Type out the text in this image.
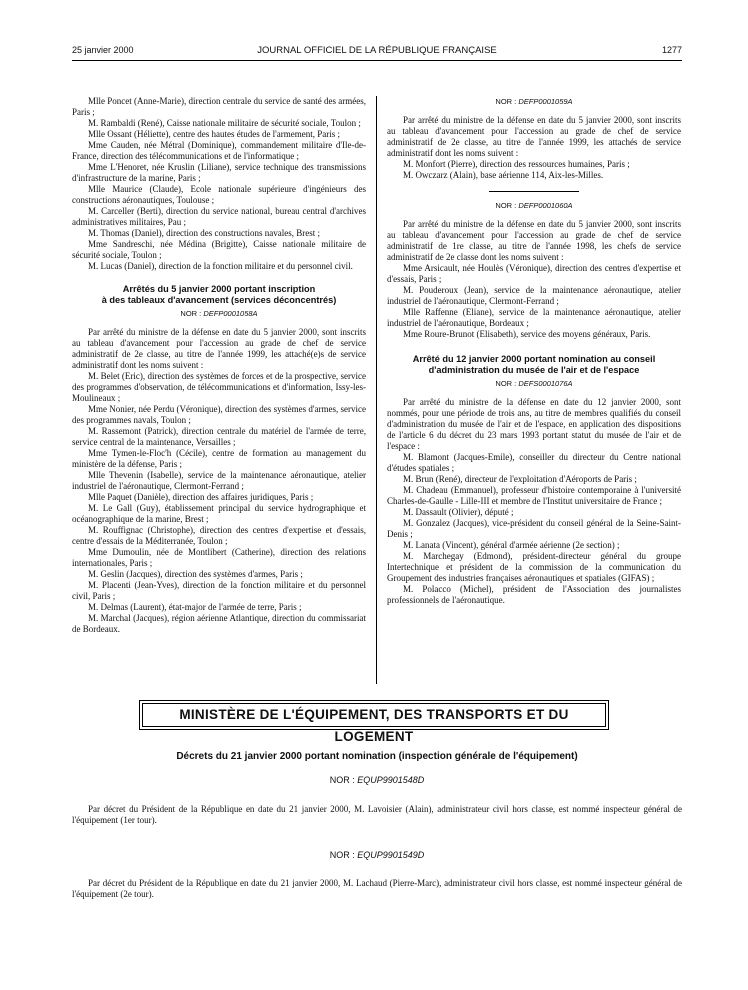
25 janvier 2000	JOURNAL OFFICIEL DE LA RÉPUBLIQUE FRANÇAISE	1277

Mlle Poncet (Anne-Marie), direction centrale du service de santé des armées, Paris ;

M. Rambaldi (René), Caisse nationale militaire de sécurité sociale, Toulon ;

Mlle Ossant (Héliette), centre des hautes études de l'armement, Paris ;

Mme Cauden, née Métral (Dominique), commandement militaire d'Ile-de-France, direction des télécommunications et de l'informatique ;

Mme L'Henoret, née Kruslin (Liliane), service technique des transmissions d'infrastructure de la marine, Paris ;

Mlle Maurice (Claude), Ecole nationale supérieure d'ingénieurs des constructions aéronautiques, Toulouse ;

M. Carceller (Berti), direction du service national, bureau central d'archives administratives militaires, Pau ;

M. Thomas (Daniel), direction des constructions navales, Brest ;

Mme Sandreschi, née Médina (Brigitte), Caisse nationale militaire de sécurité sociale, Toulon ;

M. Lucas (Daniel), direction de la fonction militaire et du personnel civil.

Arrêtés du 5 janvier 2000 portant inscription

à des tableaux d'avancement (services déconcentrés)

NOR : DEFP0001058A

Par arrêté du ministre de la défense en date du 5 janvier 2000, sont inscrits au tableau d'avancement pour l'accession au grade de chef de service administratif de 2e classe, au titre de l'année 1999, les attaché(e)s de service administratif dont les noms suivent :

M. Belet (Eric), direction des systèmes de forces et de la prospective, service des programmes d'observation, de télécommunications et d'information, Issy-les-Moulineaux ;

Mme Nonier, née Perdu (Véronique), direction des systèmes d'armes, service des programmes navals, Toulon ;

M. Rassemont (Patrick), direction centrale du matériel de l'armée de terre, service central de la maintenance, Versailles ;

Mme Tymen-le-Floc'h (Cécile), centre de formation au management du ministère de la défense, Paris ;

Mlle Thevenin (Isabelle), service de la maintenance aéronautique, atelier industriel de l'aéronautique, Clermont-Ferrand ;

Mlle Paquet (Danièle), direction des affaires juridiques, Paris ;

M. Le Gall (Guy), établissement principal du service hydrographique et océanographique de la marine, Brest ;

M. Rouffignac (Christophe), direction des centres d'expertise et d'essais, centre d'essais de la Méditerranée, Toulon ;

Mme Dumoulin, née de Montlibert (Catherine), direction des relations internationales, Paris ;

M. Geslin (Jacques), direction des systèmes d'armes, Paris ;

M. Placenti (Jean-Yves), direction de la fonction militaire et du personnel civil, Paris ;

M. Delmas (Laurent), état-major de l'armée de terre, Paris ;

M. Marchal (Jacques), région aérienne Atlantique, direction du commissariat de Bordeaux.

NOR : DEFP0001059A

Par arrêté du ministre de la défense en date du 5 janvier 2000, sont inscrits au tableau d'avancement pour l'accession au grade de chef de service administratif de 2e classe, au titre de l'année 1999, les attachés de service administratif dont les noms suivent :

M. Monfort (Pierre), direction des ressources humaines, Paris ;

M. Owczarz (Alain), base aérienne 114, Aix-les-Milles.

NOR : DEFP0001060A

Par arrêté du ministre de la défense en date du 5 janvier 2000, sont inscrits au tableau d'avancement pour l'accession au grade de chef de service administratif de 1re classe, au titre de l'année 1998, les chefs de service administratif de 2e classe dont les noms suivent :

Mme Arsicault, née Houlès (Véronique), direction des centres d'expertise et d'essais, Paris ;

M. Pouderoux (Jean), service de la maintenance aéronautique, atelier industriel de l'aéronautique, Clermont-Ferrand ;

Mlle Raffenne (Eliane), service de la maintenance aéronautique, atelier industriel de l'aéronautique, Bordeaux ;

Mme Roure-Brunot (Elisabeth), service des moyens généraux, Paris.

Arrêté du 12 janvier 2000 portant nomination au conseil

d'administration du musée de l'air et de l'espace

NOR : DEFS0001076A

Par arrêté du ministre de la défense en date du 12 janvier 2000, sont nommés, pour une période de trois ans, au titre de membres qualifiés du conseil d'administration du musée de l'air et de l'espace, en application des dispositions de l'article 6 du décret du 23 mars 1993 portant statut du musée de l'air et de l'espace :

M. Blamont (Jacques-Emile), conseiller du directeur du Centre national d'études spatiales ;

M. Brun (René), directeur de l'exploitation d'Aéroports de Paris ;

M. Chadeau (Emmanuel), professeur d'histoire contemporaine à l'université Charles-de-Gaulle - Lille-III et membre de l'Institut universitaire de France ;

M. Dassault (Olivier), député ;

M. Gonzalez (Jacques), vice-président du conseil général de la Seine-Saint-Denis ;

M. Lanata (Vincent), général d'armée aérienne (2e section) ;

M. Marchegay (Edmond), président-directeur général du groupe Intertechnique et président de la commission de la communication du Groupement des industries françaises aéronautiques et spatiales (GIFAS) ;

M. Polacco (Michel), président de l'Association des journalistes professionnels de l'aéronautique.

MINISTÈRE DE L'ÉQUIPEMENT, DES TRANSPORTS ET DU LOGEMENT
Décrets du 21 janvier 2000 portant nomination (inspection générale de l'équipement)
NOR : EQUP9901548D

Par décret du Président de la République en date du 21 janvier 2000, M. Lavoisier (Alain), administrateur civil hors classe, est nommé inspecteur général de l'équipement (1er tour).

NOR : EQUP9901549D

Par décret du Président de la République en date du 21 janvier 2000, M. Lachaud (Pierre-Marc), administrateur civil hors classe, est nommé inspecteur général de l'équipement (2e tour).
